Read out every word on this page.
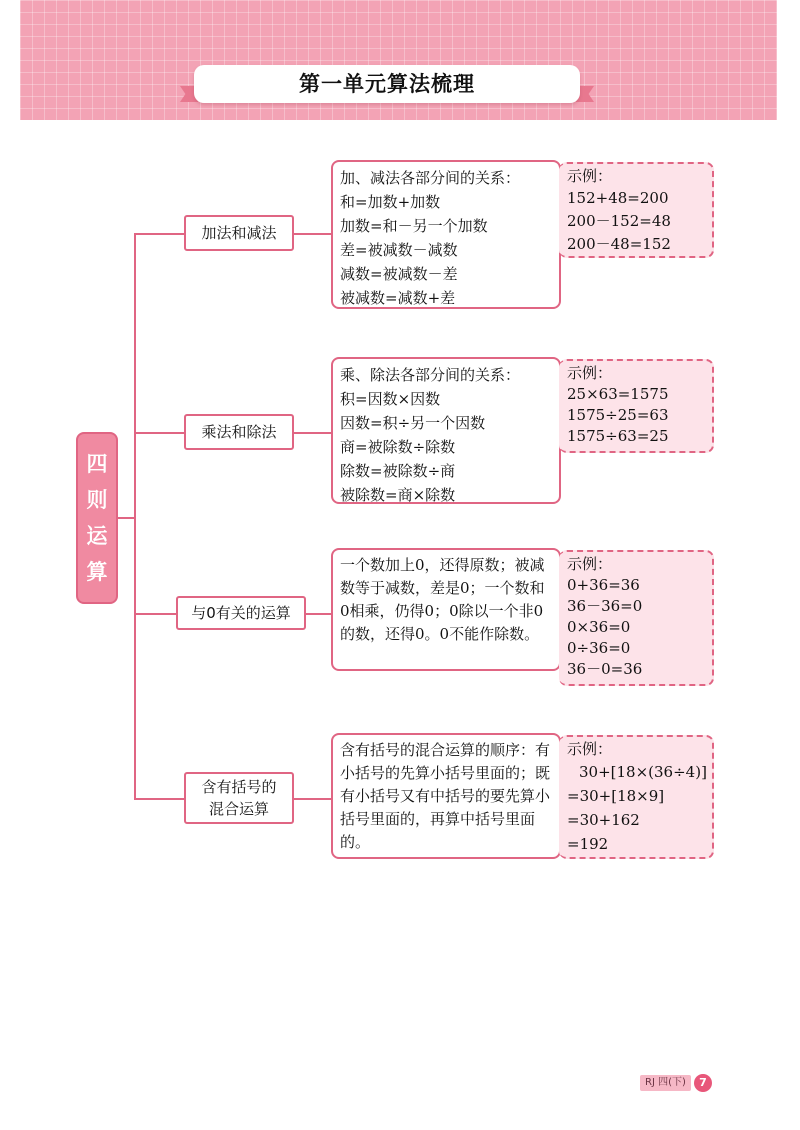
第一单元算法梳理
四
则
运
算
加法和减法
加、减法各部分间的关系：
和=加数+加数
加数=和－另一个加数
差=被减数－减数
减数=被减数－差
被减数=减数+差
示例：
152+48=200
200－152=48
200－48=152
乘法和除法
乘、除法各部分间的关系：
积=因数×因数
因数=积÷另一个因数
商=被除数÷除数
除数=被除数÷商
被除数=商×除数
示例：
25×63=1575
1575÷25=63
1575÷63=25
与0有关的运算
一个数加上0，还得原数；被减数等于减数，差是0；一个数和0相乘，仍得0；0除以一个非0的数，还得0。0不能作除数。
示例：
0+36=36
36－36=0
0×36=0
0÷36=0
36－0=36
含有括号的
混合运算
含有括号的混合运算的顺序：有小括号的先算小括号里面的；既有小括号又有中括号的要先算小括号里面的，再算中括号里面的。
示例：
30+[18×(36÷4)]
=30+[18×9]
=30+162
=192
RJ 四(下)	7
